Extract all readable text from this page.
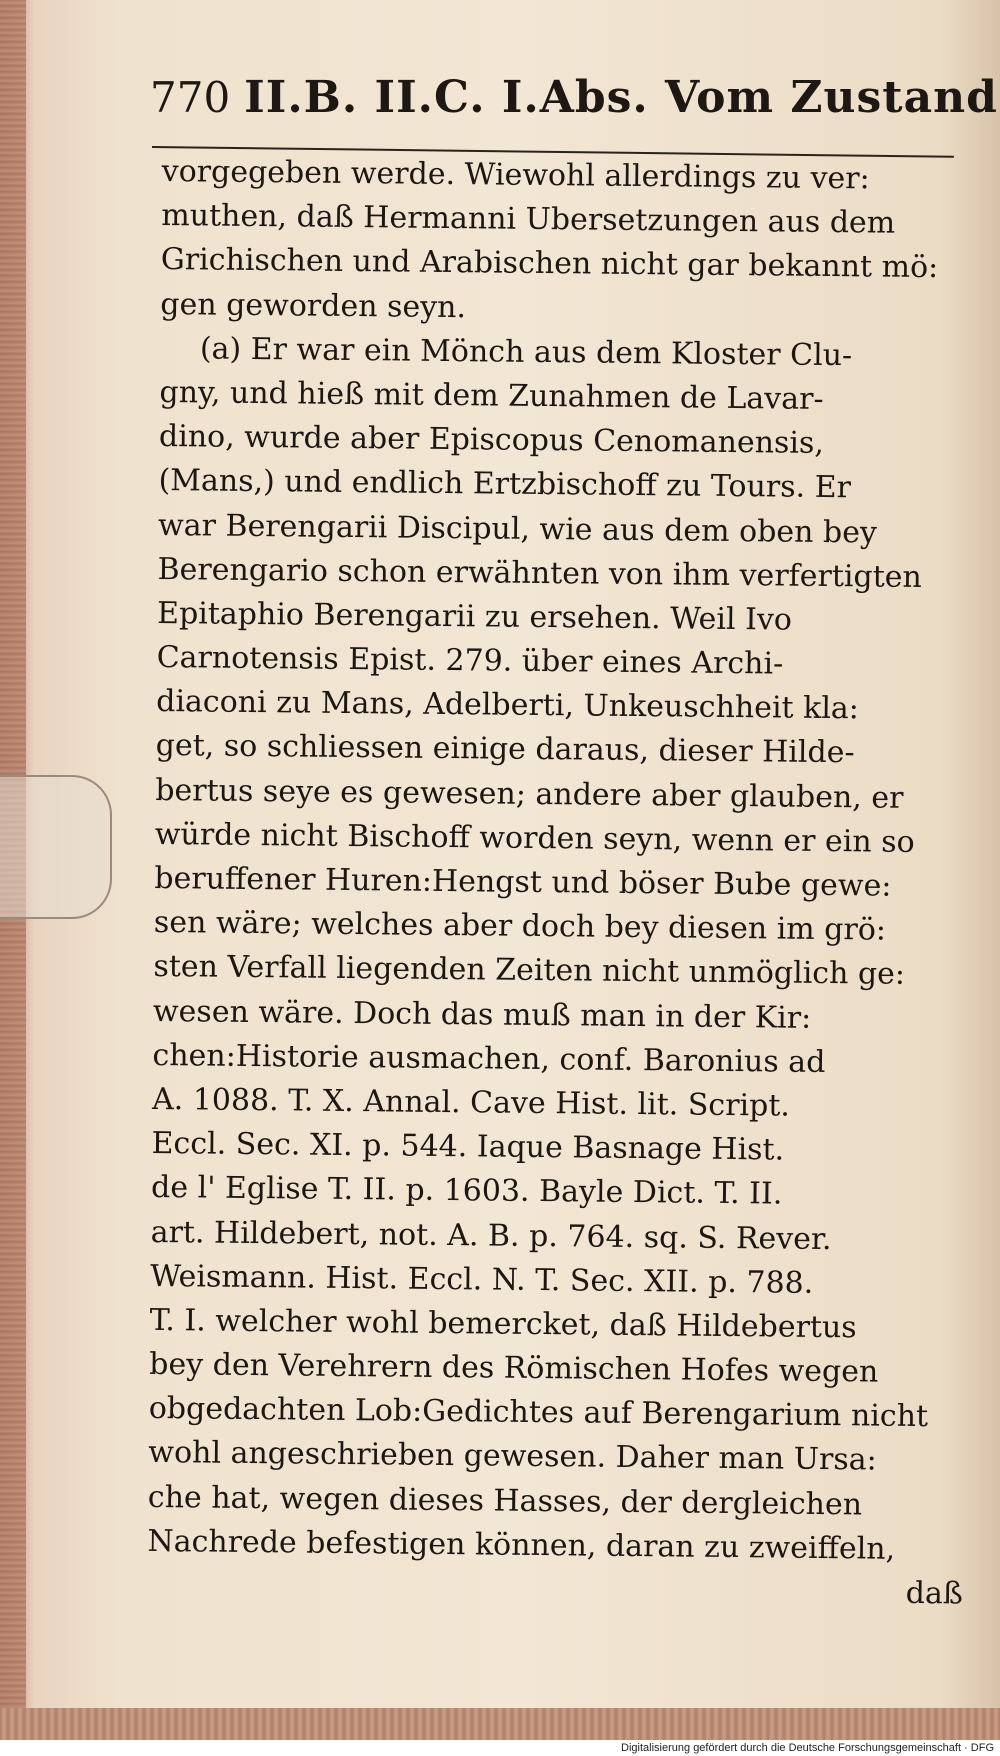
770 II.B. II.C. I.Abs. Vom Zustand
vorgegeben werde. Wiewohl allerdings zu ver:
muthen, daß Hermanni Ubersetzungen aus dem
Grichischen und Arabischen nicht gar bekannt mö:
gen geworden seyn.
(a) Er war ein Mönch aus dem Kloster Clu-
gny, und hieß mit dem Zunahmen de Lavar-
dino, wurde aber Episcopus Cenomanensis,
(Mans,) und endlich Ertzbischoff zu Tours. Er
war Berengarii Discipul, wie aus dem oben bey
Berengario schon erwähnten von ihm verfertigten
Epitaphio Berengarii zu ersehen. Weil Ivo
Carnotensis Epist. 279. über eines Archi-
diaconi zu Mans, Adelberti, Unkeuschheit kla:
get, so schliessen einige daraus, dieser Hilde-
bertus seye es gewesen; andere aber glauben, er
würde nicht Bischoff worden seyn, wenn er ein so
beruffener Huren:Hengst und böser Bube gewe:
sen wäre; welches aber doch bey diesen im grö:
sten Verfall liegenden Zeiten nicht unmöglich ge:
wesen wäre. Doch das muß man in der Kir:
chen:Historie ausmachen, conf. Baronius ad
A. 1088. T. X. Annal. Cave Hist. lit. Script.
Eccl. Sec. XI. p. 544. Iaque Basnage Hist.
de l' Eglise T. II. p. 1603. Bayle Dict. T. II.
art. Hildebert, not. A. B. p. 764. sq. S. Rever.
Weismann. Hist. Eccl. N. T. Sec. XII. p. 788.
T. I. welcher wohl bemercket, daß Hildebertus
bey den Verehrern des Römischen Hofes wegen
obgedachten Lob:Gedichtes auf Berengarium nicht
wohl angeschrieben gewesen. Daher man Ursa:
che hat, wegen dieses Hasses, der dergleichen
Nachrede befestigen können, daran zu zweiffeln,
daß
Digitalisierung gefördert durch die Deutsche Forschungsgemeinschaft · DFG
